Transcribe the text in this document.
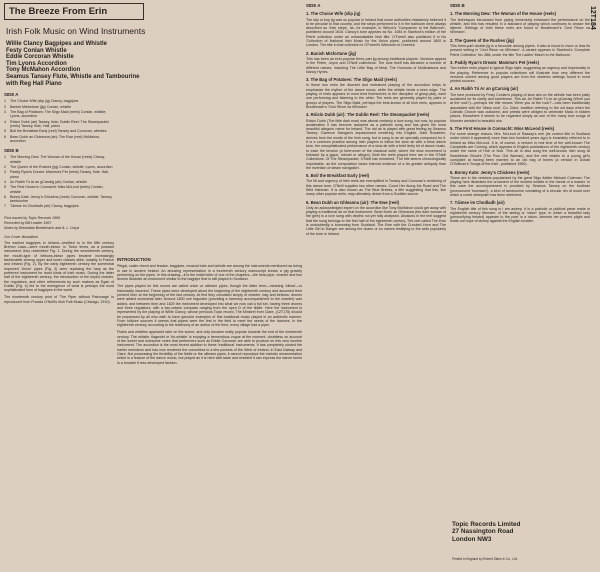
The Breeze From Erin
Irish Folk Music on Wind Instruments
Willie Clancy Bagpipes and Whistle
Festy Conlan Whistle
Eddie Corcoran Whistle
Tim Lyons Accordion
Tony McMahon Accordion
Seamus Tansey Flute, Whistle and Tambourine
with Reg Hall Piano
SIDE A
1	The Choice Wife (slip jig) Clancy, bagpipes
2	Banish Misfortune (jig) Conlan, whistle
3	The Bag of Potatoes: The Sligo Maid (reels) Conlan, whistle; Lyons, accordion
4	Róisín Dubh (air) Tansey, flute; Dublin Reel: The Steampacket (reels) Tansey, flute, Hall, piano
5	Boil the Breakfast Early (reel) Tansey and Corcoran, whistles
6	Bean Dubh an Ghleanna (air): The Ewe (reel) McMahon, accordion
SIDE B
1	The Morning Dew: The Woman of the House (reels) Clancy, whistle
2	The Queen of the Rushes (jig) Conlan, whistle; Lyons, accordion
3	Paddy Ryan's Dream: Mamma's Pet (reels) Tansey, flute, Hall, piano
4	An Raibh Tú Ar an gCarraig (air) Conlan, whistle
5	The First House in Connacht: Miss McLeod (reels) Conlan, whistle
6	Bonny Kate: Jenny's Chickens (reels) Corcoran, whistle; Tansey, tambourine
7	Táimse im Chodladh (air) Clancy, bagpipes
First issued by Topic Records 1969
Recorded by Bill Leader 1967
Notes by Breandán Breathnach and A. L. Lloyd
Our Cover Illustration
The earliest bagpipes in Ireland—testified to in the fifth century Brehon Laws—were mouth-blown. In Tudor times, as a peasant instrument, they resembled Fig. 1. During the seventeenth century, the mouth-type of bellows-blown pipes became increasingly fashionable among upper and lower classes alike, notably in France and Ireland (Fig. 2). By the early eighteenth century the somewhat improved 'Union' pipes (Fig. 3) were replacing the harp as the preferred instrument for most kinds of Irish music. During the latter half of the eighteenth century, the introduction of the keyed chanter, the regulators, and other refinements by such makers as Egan of Dublin (Fig. 4) led to the emergence of what is perhaps the most sophisticated form of bagpipes in the world.
The nineteenth century print of 'The Piper without Patronage' is reproduced from Francis O'Neill's Irish Folk Music (Chicago, 1910).
INTRODUCTION
Pibgal, cuisle cheoil and feadan, bagpipes, musical tube and whistle are among the instruments mentioned as being in use in ancient Ireland. An amusing representation in a fourteenth century manuscript shows a pig gravely performing on the pipes. In this drawing—it is the initial letter of one of the chapters—the blow-pipe, chanter and two drones illustrate an instrument similar to the bagpipe that is still played in Scotland.
The pipes played on this record are called union or uilleann pipes, though the latter term—meaning 'elbow'—is historically incorrect. These pipes were developed about the beginning of the eighteenth century and assumed their present form at the beginning of the last century. At first they consisted simply of chanter, bag and bellows; drones were added somewhat later. Around 1800 one regulator (providing a harmony accompaniment to the chanter) was added, and between then and 1820 the instrument developed into what we now call a full set, having three drones and three regulators, with a two-octave compass ranging from the open D of the fiddle. Here the instrument is represented by the playing of Willie Clancy, whose previous Topic record, The Minstrel from Clare, (12T175) should be possessed by all who wish to have genuine examples of this traditional music played in an authentic manner. From folklore sources it seems that pipers were the first in the field to meet the needs of the dancers. In the eighteenth century, according to the testimony of an author of the time, every village had a piper.
Flutes and whistles appeared later on the scene, and only became really popular towards the end of the nineteenth century. The whistle, flageolet or 'tin-whistle' is enjoying a tremendous vogue at the moment, doubtless on account of the sweet and lonesome notes that performers such as Eddie Corcoran are able to produce on this very humble instrument. The accordion is the most recent addition to these 'traditional' instruments. It has completely ousted the earlier melodeon and has now rendered the concertina to a few pockets of the West of Ireland, in East Galway and Clare. Not possessing the flexibility of the fiddle or the uilleann pipes, it cannot reproduce the melodic ornamentation which is a feature of the dance music, but played as it is here with taste and restraint it can express the dance tunes in a broader if less developed fashion.
SIDE A
1. The Choice Wife (slip jig)
The slip or hop jig was so popular in Ireland that some authorities mistakenly believed it to be peculiar to that country, and the steps performed to it in the ballroom were always described as 'Irish steps', as, for example, in Wilson's 'Companion to the Ballroom', published around 1816. Clancy's tune appears as No. 1084 in Stanford's edition of the Petrie collection under an untranslatable Irish title. O'Farrell also published it in his 'Collection of National Irish Music for the Union pipes', published around 1800 in London. The title in that collection is O'Farrell's Welcome to Limerick.
2. Banish Misfortune (jig)
This has been an ever-popular three-part jig among traditional players. Versions appear in the Petrie, Joyce and O'Neill collections. The tune itself has attracted a number of different names, including The Little Bag of Meal, The Humours of Mullinafauna and Nancy Hynes.
3. The Bag of Potatoes: The Sligo Maid (reels)
In these two reels the discreet and restrained playing of the accordion helps to emphasize the rhythm of the dance music, while the whistle lends a keen edge. The playing of reels appears to most lend themselves to the discipline of group-play, each one performing and listening to the other. The reels are generally played by pairs or groups of players. The Sligo Maid, perhaps the best-known of all Irish reels, appears in Breathnach's 'Ceol Rince na hÉireann'.
4. Róisín Dubh (air): The Dublin Reel: The Steampacket (reels)
Róisín Dubh (The little dark rose) was almost certainly a love song, but now, by popular acclamation it has become accepted as a patriotic song and has given the most beautiful allegoric name for Ireland. The old air is played with great feeling by Seamus Tansey. Clarence Mangan's impassioned rendering into English, Dark Rosaleen, derives from the words of the Irish song, but is sung to an air specially composed for it. It is a common practice among Irish players to follow the slow air with a brisk dance tune, the unsophisticated performance of a slow air with a brief lively bit of dance music, to ease the tension (a forerunner of the classical suite, where the slow movement is followed by a gigue, minuet or allegro). Both the reels played here are in the O'Neill Collections. Of The Steampacket, O'Neill has remarked, 'The title seems chronologically improbable, as the composition bears internal evidence of a far greater antiquity than the invention of steam navigation'.
5. Boil the Breakfast Early (reel)
The lift and urgency of Irish reels are exemplified in Tansey and Corcoran's rendering of this dance tune. O'Neill supplies two other names, Count Her Along the Road and The Wild Irishman. It is also known as The Blue Breeks, a title suggesting that this, like many other popular reels, may ultimately derive from a Scottish source.
6. Bean Dubh an Ghleanna (air): The Ewe (reel)
Only an acknowledged expert on the accordion like Tony McMahon could get away with playing a traditional air on that instrument. Bean Dubh an Ghleanna (the dark woman of the glen) is a love song with depths not yet fully analysed. Allusions in the text suggest that the song belongs to the first half of the eighteenth century. The reel called The Ewe is undoubtedly a borrowing from Scotland. The Ewe with the Crooked Horn and The Little Girl in Danger are among the dozen or so names testifying to the wide popularity of the tune in Ireland.
SIDE B
1. The Morning Dew: The Woman of the House (reels)
The techniques introduced from piping immensely enhanced the performance on the whistle, and this has resulted in a standard of playing which continues to amaze the listener. Settings of both these reels are found in Breathnach's 'Ceol Rince na hÉireann'.
2. The Queen of the Rushes (jig)
This three-part double jig is a favourite among pipers. It also is found in more or less its present setting in 'Ceol Rince na hÉireann'. A variant appears in Stanford's 'Complete Petrie Collection' No. 886, under the title The Ladies' March to the Ballroom.
3. Paddy Ryan's Dream: Mamma's Pet (reels)
Two further reels played in typical Sligo style, suggesting an urgency and impetuosity in the playing. Reference to popular collections will illustrate how very different the versions current among good players are from the skeleton settings found in most printed sources.
4. An Raibh Tú Ar an gCarraig (air)
The tone produced by Festy Conlan's playing of slow airs on the whistle has been justly acclaimed for its clarity and sweetness. This air, An Raibh Tú Ar an gCarraig (Were you at the rock?)—perhaps the title means 'Were you at the rock?'—has been traditionally associated with the 'Mass rock'. Co. Clare, tradition referring to the old days when the Catholic Church was outlawed, and priests were obliged to celebrate Mass in hidden places. Elsewhere it seems to be regarded simply as one of the many love songs of Munster wedded to beautiful airs.
5. The First House in Connacht: Miss McLeod (reels)
For some strange reason, Mrs. McLeod of Raasay's reel (its correct title in Scotland under which it appeared) more than two hundred years ago) is invariably referred to in Ireland as Miss McLeod. It is, of course, a version in real time of the well-known The Campbells are Coming, which appears in English publications of the eighteenth century under the name of Hob or Nob. This air is also sung the well-known Irish song At Seanbhean Bhocht (The Poor Old Woman), and the reel relates to a young girl's complaint at having been married to an old hag of bones (a version in Donall O'Sullivan's 'Songs of the Irish', published 1960).
6. Bonny Kate: Jenny's Chickens (reels)
These are in the versions popularized by the great Sligo fiddler Michael Coleman. The playing here illustrates the ornament of the modest whistle in the hands of a master. In this case the accompaniment is provided by Seamus Tansey on the bodhrán (pronounced 'bowrawn'), a kind of tambourine consisting of a circular rim of wood over which a cured sheepskin has been stretched.
7. Táimse im Chodladh (air)
The English title of this song is I am asleep. It is a patriotic or political piece made in eighteenth century Munster, of the aisling or 'vision' type, in which a beautiful lady (personifying Ireland) appears to the poet in a vision, laments her present plight and holds out hope of victory against the English invader.
12T184
Topic Records Limited
27 Nassington Road
London NW3
Printed in England by Robert Stace & Co., Ltd.
